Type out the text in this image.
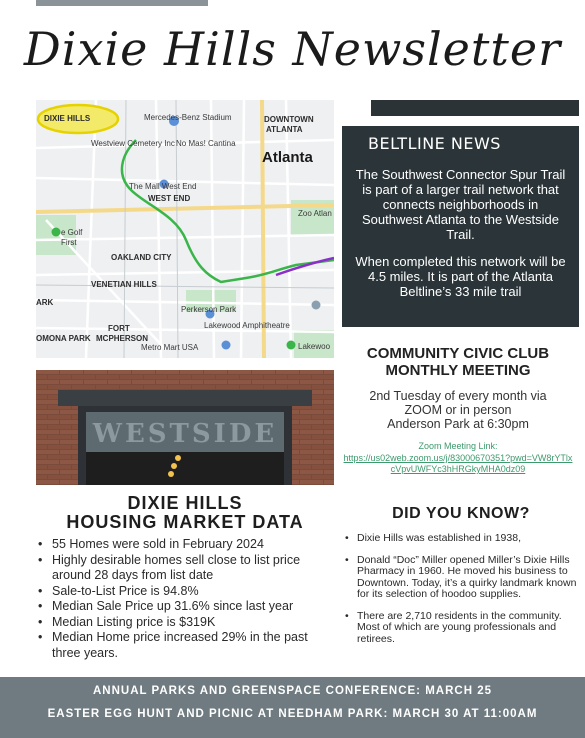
Dixie Hills Newsletter
DIXIE HILLS	Mercedes-Benz Stadium	DOWNTOWN
ATLANTA
Westview Cemetery Inc No Mas! Cantina
Atlanta
The Mall West End
WEST END
Zoo Atlan
e Golf
First
OAKLAND CITY
VENETIAN HILLS
Perkerson Park
FORT
MCPHERSON
Lakewood Amphitheatre
OMONA PARK
Metro Mart USA	Lakewoo
ARK
BELTLINE NEWS
The Southwest Connector Spur Trail is part of a larger trail network that connects neighborhoods in Southwest Atlanta to the Westside Trail.
When completed this network will be 4.5 miles. It is part of the Atlanta Beltline’s 33 mile trail
WESTSIDE
COMMUNITY CIVIC CLUB
MONTHLY MEETING
2nd Tuesday of every month via
ZOOM or in person
Anderson Park at 6:30pm
Zoom Meeting Link:
https://us02web.zoom.us/j/83000670351?pwd=VW8rYTlxcVpvUWFYc3hHRGkyMHA0dz09
DIXIE HILLS
HOUSING MARKET DATA
• 55 Homes were sold in February 2024
• Highly desirable homes sell close to list price around 28 days from list date
• Sale-to-List Price is 94.8%
• Median Sale Price up 31.6% since last year
• Median Listing price is $319K
• Median Home price increased 29% in the past three years.
DID YOU KNOW?
• Dixie Hills was established in 1938,
• Donald “Doc” Miller opened Miller’s Dixie Hills Pharmacy in 1960. He moved his business to Downtown. Today, it’s a quirky landmark known for its selection of hoodoo supplies.
• There are 2,710 residents in the community. Most of which are young professionals and retirees.
ANNUAL PARKS AND GREENSPACE CONFERENCE: MARCH 25
EASTER EGG HUNT AND PICNIC AT NEEDHAM PARK: MARCH 30 AT 11:00AM
